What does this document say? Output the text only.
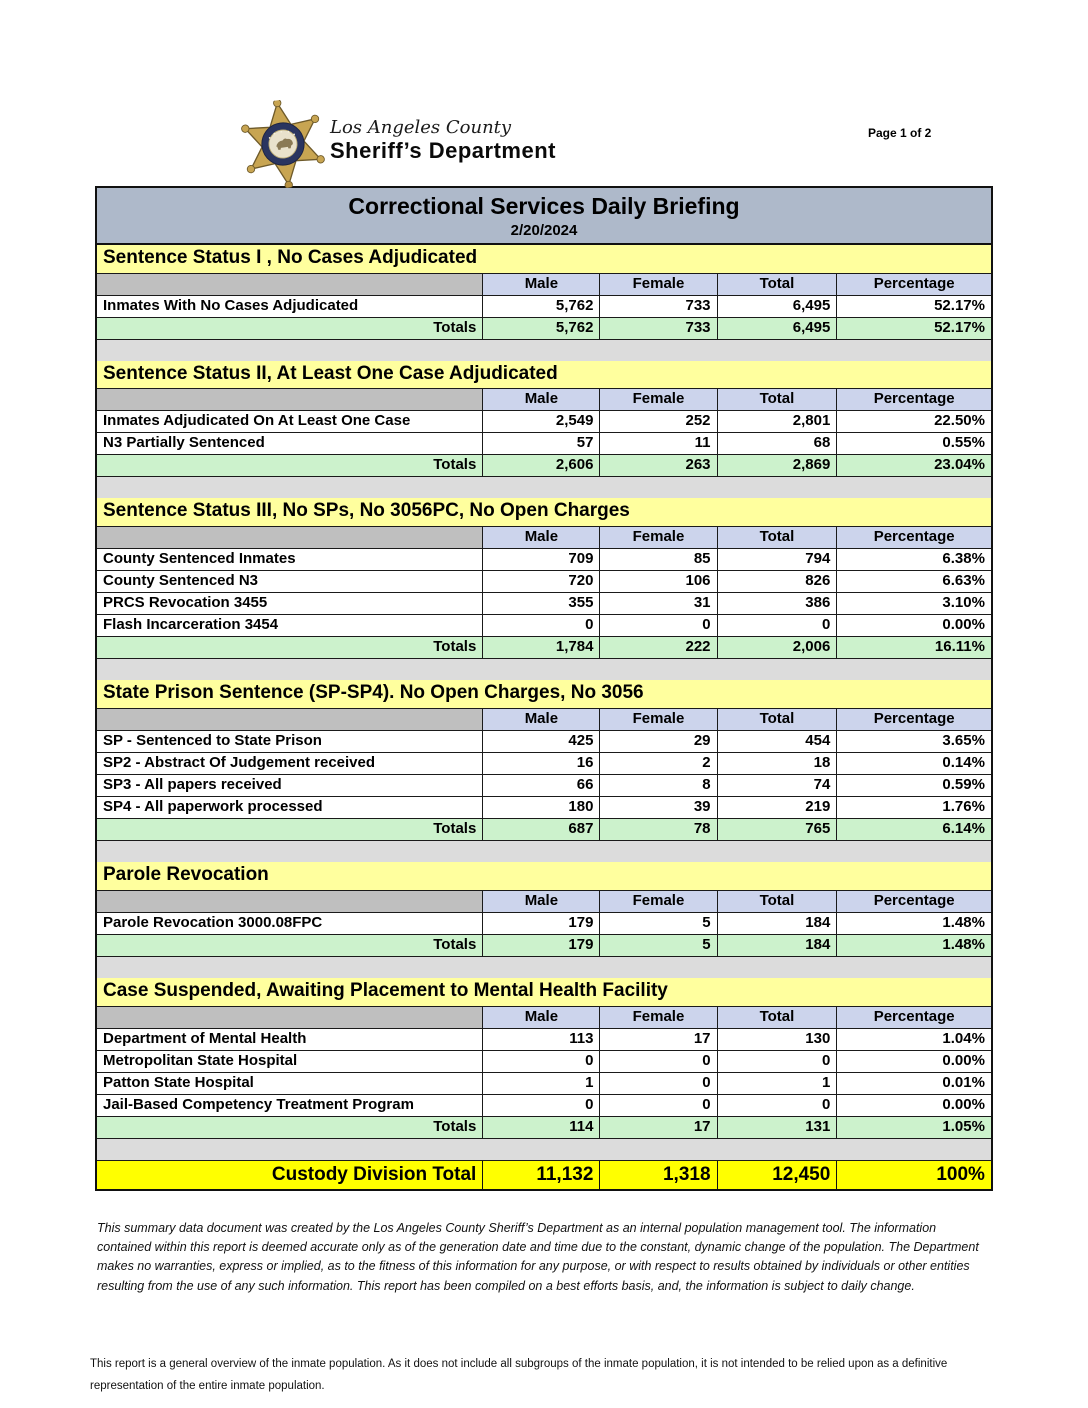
Los Angeles County
Sheriff’s Department
Page 1 of 2
Correctional Services Daily Briefing
2/20/2024
Sentence Status I , No Cases Adjudicated
Male	Female	Total	Percentage
Inmates With No Cases Adjudicated	5,762	733	6,495	52.17%
Totals	5,762	733	6,495	52.17%
Sentence Status II, At Least One Case Adjudicated
Male	Female	Total	Percentage
Inmates Adjudicated On At Least One Case	2,549	252	2,801	22.50%
N3 Partially Sentenced	57	11	68	0.55%
Totals	2,606	263	2,869	23.04%
Sentence Status III, No SPs, No 3056PC, No Open Charges
Male	Female	Total	Percentage
County Sentenced Inmates	709	85	794	6.38%
County Sentenced N3	720	106	826	6.63%
PRCS Revocation 3455	355	31	386	3.10%
Flash Incarceration 3454	0	0	0	0.00%
Totals	1,784	222	2,006	16.11%
State Prison Sentence (SP-SP4). No Open Charges, No 3056
Male	Female	Total	Percentage
SP - Sentenced to State Prison	425	29	454	3.65%
SP2 - Abstract Of Judgement received	16	2	18	0.14%
SP3 - All papers received	66	8	74	0.59%
SP4 - All paperwork processed	180	39	219	1.76%
Totals	687	78	765	6.14%
Parole Revocation
Male	Female	Total	Percentage
Parole Revocation 3000.08FPC	179	5	184	1.48%
Totals	179	5	184	1.48%
Case Suspended, Awaiting Placement to Mental Health Facility
Male	Female	Total	Percentage
Department of Mental Health	113	17	130	1.04%
Metropolitan State Hospital	0	0	0	0.00%
Patton State Hospital	1	0	1	0.01%
Jail-Based Competency Treatment Program	0	0	0	0.00%
Totals	114	17	131	1.05%
Custody Division Total	11,132	1,318	12,450	100%

This summary data document was created by the Los Angeles County Sheriff’s Department as an internal population management tool. The information contained within this report is deemed accurate only as of the generation date and time due to the constant, dynamic change of the population. The Department makes no warranties, express or implied, as to the fitness of this information for any purpose, or with respect to results obtained by individuals or other entities resulting from the use of any such information. This report has been compiled on a best efforts basis, and, the information is subject to daily change.

This report is a general overview of the inmate population. As it does not include all subgroups of the inmate population, it is not intended to be relied upon as a definitive representation of the entire inmate population.
